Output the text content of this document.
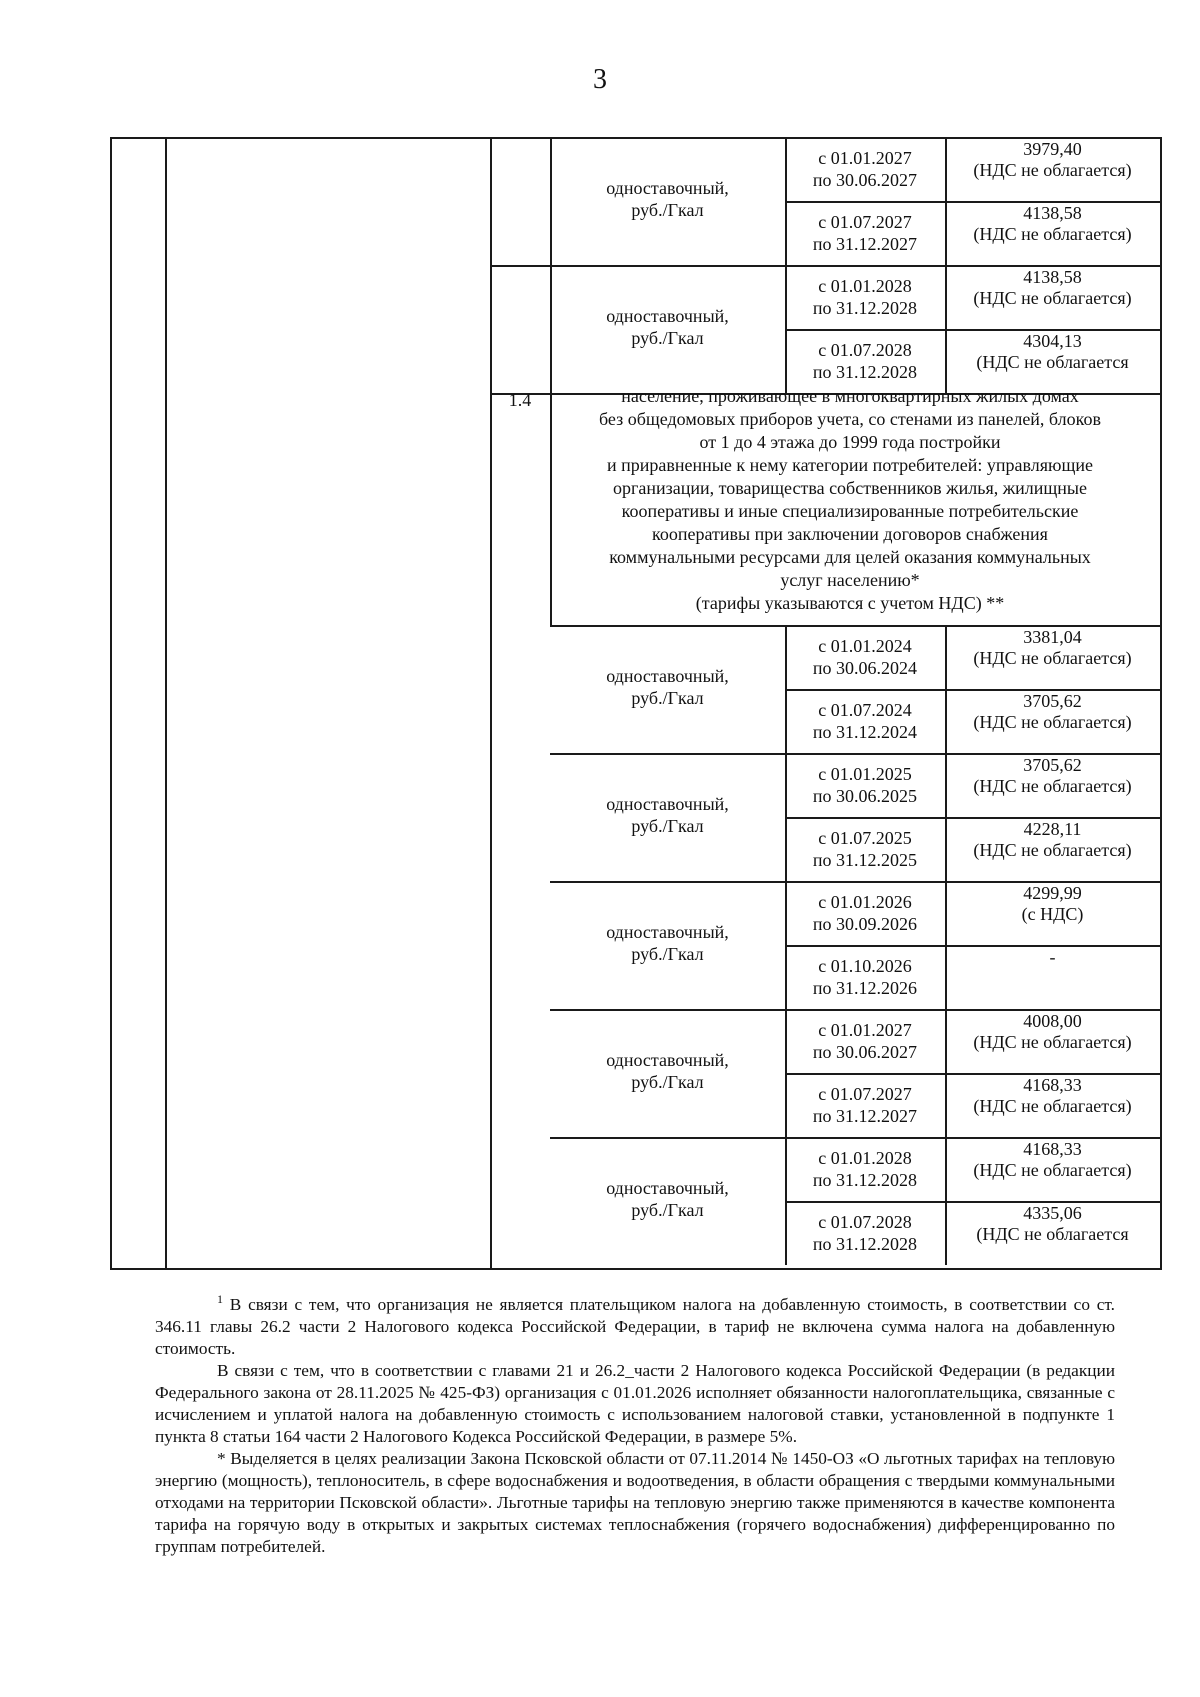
3
одноставочный,
руб./Гкал
с 01.01.2027
по 30.06.2027
3979,40
(НДС не облагается)
с 01.07.2027
по 31.12.2027
4138,58
(НДС не облагается)
одноставочный,
руб./Гкал
с 01.01.2028
по 31.12.2028
4138,58
(НДС не облагается)
с 01.07.2028
по 31.12.2028
4304,13
(НДС не облагается
одноставочный,
руб./Гкал
с 01.01.2024
по 30.06.2024
3381,04
(НДС не облагается)
с 01.07.2024
по 31.12.2024
3705,62
(НДС не облагается)
одноставочный,
руб./Гкал
с 01.01.2025
по 30.06.2025
3705,62
(НДС не облагается)
с 01.07.2025
по 31.12.2025
4228,11
(НДС не облагается)
одноставочный,
руб./Гкал
с 01.01.2026
по 30.09.2026
4299,99
(с НДС)
с 01.10.2026
по 31.12.2026
-
одноставочный,
руб./Гкал
с 01.01.2027
по 30.06.2027
4008,00
(НДС не облагается)
с 01.07.2027
по 31.12.2027
4168,33
(НДС не облагается)
одноставочный,
руб./Гкал
с 01.01.2028
по 31.12.2028
4168,33
(НДС не облагается)
с 01.07.2028
по 31.12.2028
4335,06
(НДС не облагается
1.4	население, проживающее в многоквартирных жилых домах
без общедомовых приборов учета, со стенами из панелей, блоков
от 1 до 4 этажа до 1999 года постройки
и приравненные к нему категории потребителей: управляющие
организации, товарищества собственников жилья, жилищные
кооперативы и иные специализированные потребительские
кооперативы при заключении договоров снабжения
коммунальными ресурсами для целей оказания коммунальных
услуг населению*
(тарифы указываются с учетом НДС) **

$^1$ В связи с тем, что организация не является плательщиком налога на добавленную стоимость, в соответствии со ст. 346.11 главы 26.2 части 2 Налогового кодекса Российской Федерации, в тариф не включена сумма налога на добавленную стоимость.

В связи с тем, что в соответствии с главами 21 и 26.2_части 2 Налогового кодекса Российской Федерации (в редакции Федерального закона от 28.11.2025 № 425-ФЗ) организация с 01.01.2026 исполняет обязанности налогоплательщика, связанные с исчислением и уплатой налога на добавленную стоимость с использованием налоговой ставки, установленной в подпункте 1 пункта 8 статьи 164 части 2 Налогового Кодекса Российской Федерации, в размере 5%.

* Выделяется в целях реализации Закона Псковской области от 07.11.2014 № 1450-ОЗ «О льготных тарифах на тепловую энергию (мощность), теплоноситель, в сфере водоснабжения и водоотведения, в области обращения с твердыми коммунальными отходами на территории Псковской области». Льготные тарифы на тепловую энергию также применяются в качестве компонента тарифа на горячую воду в открытых и закрытых системах теплоснабжения (горячего водоснабжения) дифференцированно по группам потребителей.
